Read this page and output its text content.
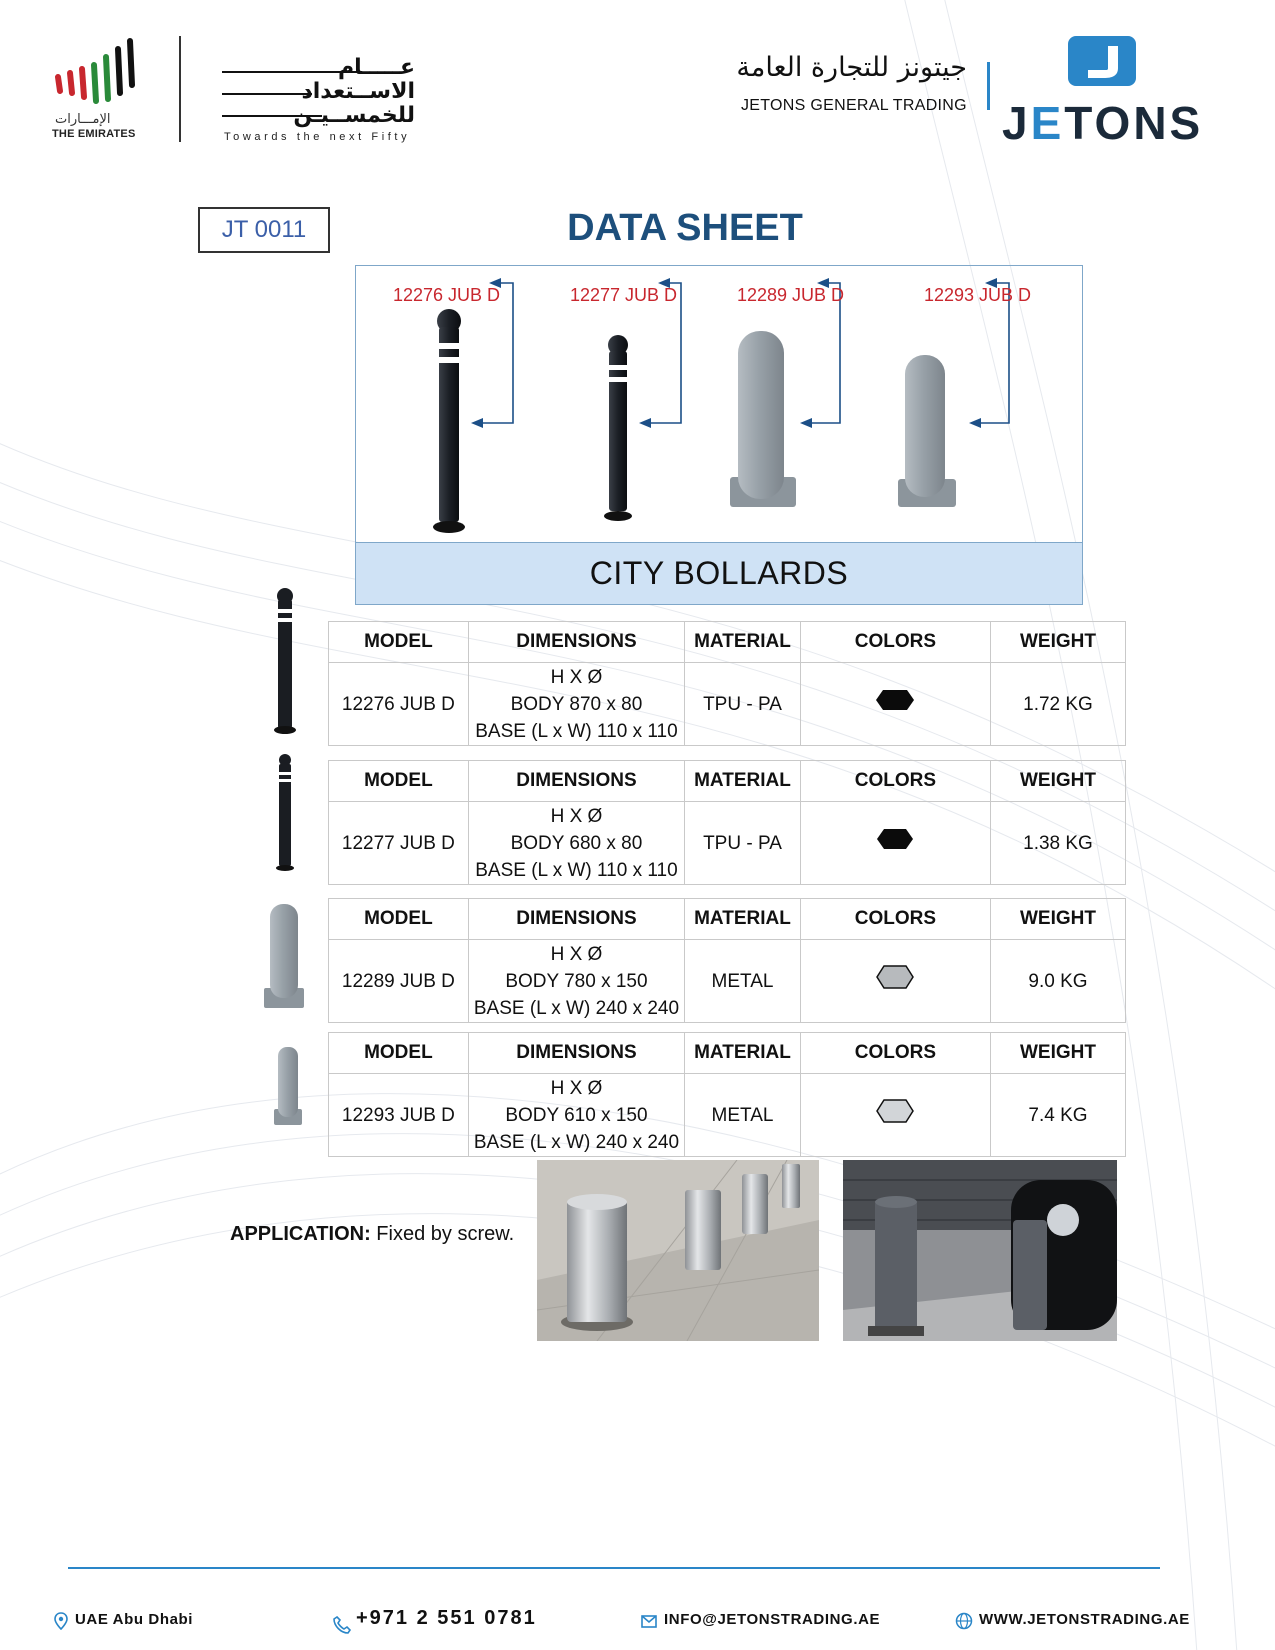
الإمـــارات
THE EMIRATES
عـــــام
الاســتعداد
للخمســيـن
Towards the next Fifty
جيتونز للتجارة العامة
JETONS GENERAL TRADING JETONS
JT 0011	DATA SHEET
12276 JUB D	12277 JUB D	12289 JUB D	12293 JUB D
CITY BOLLARDS
MODEL	DIMENSIONS	MATERIAL	COLORS	WEIGHT
12276 JUB D	H X Ø
BODY 870 x 80
BASE (L x W) 110 x 110	TPU - PA		1.72 KG
MODEL	DIMENSIONS	MATERIAL	COLORS	WEIGHT
12277 JUB D	H X Ø
BODY 680 x 80
BASE (L x W) 110 x 110	TPU - PA		1.38 KG
MODEL	DIMENSIONS	MATERIAL	COLORS	WEIGHT
12289 JUB D	H X Ø
BODY 780 x 150
BASE (L x W) 240 x 240	METAL		9.0 KG
MODEL	DIMENSIONS	MATERIAL	COLORS	WEIGHT
12293 JUB D	H X Ø
BODY 610 x 150
BASE (L x W) 240 x 240	METAL		7.4 KG
APPLICATION: Fixed by screw.
UAE Abu Dhabi	+971 2 551 0781	INFO@JETONSTRADING.AE	WWW.JETONSTRADING.AE
